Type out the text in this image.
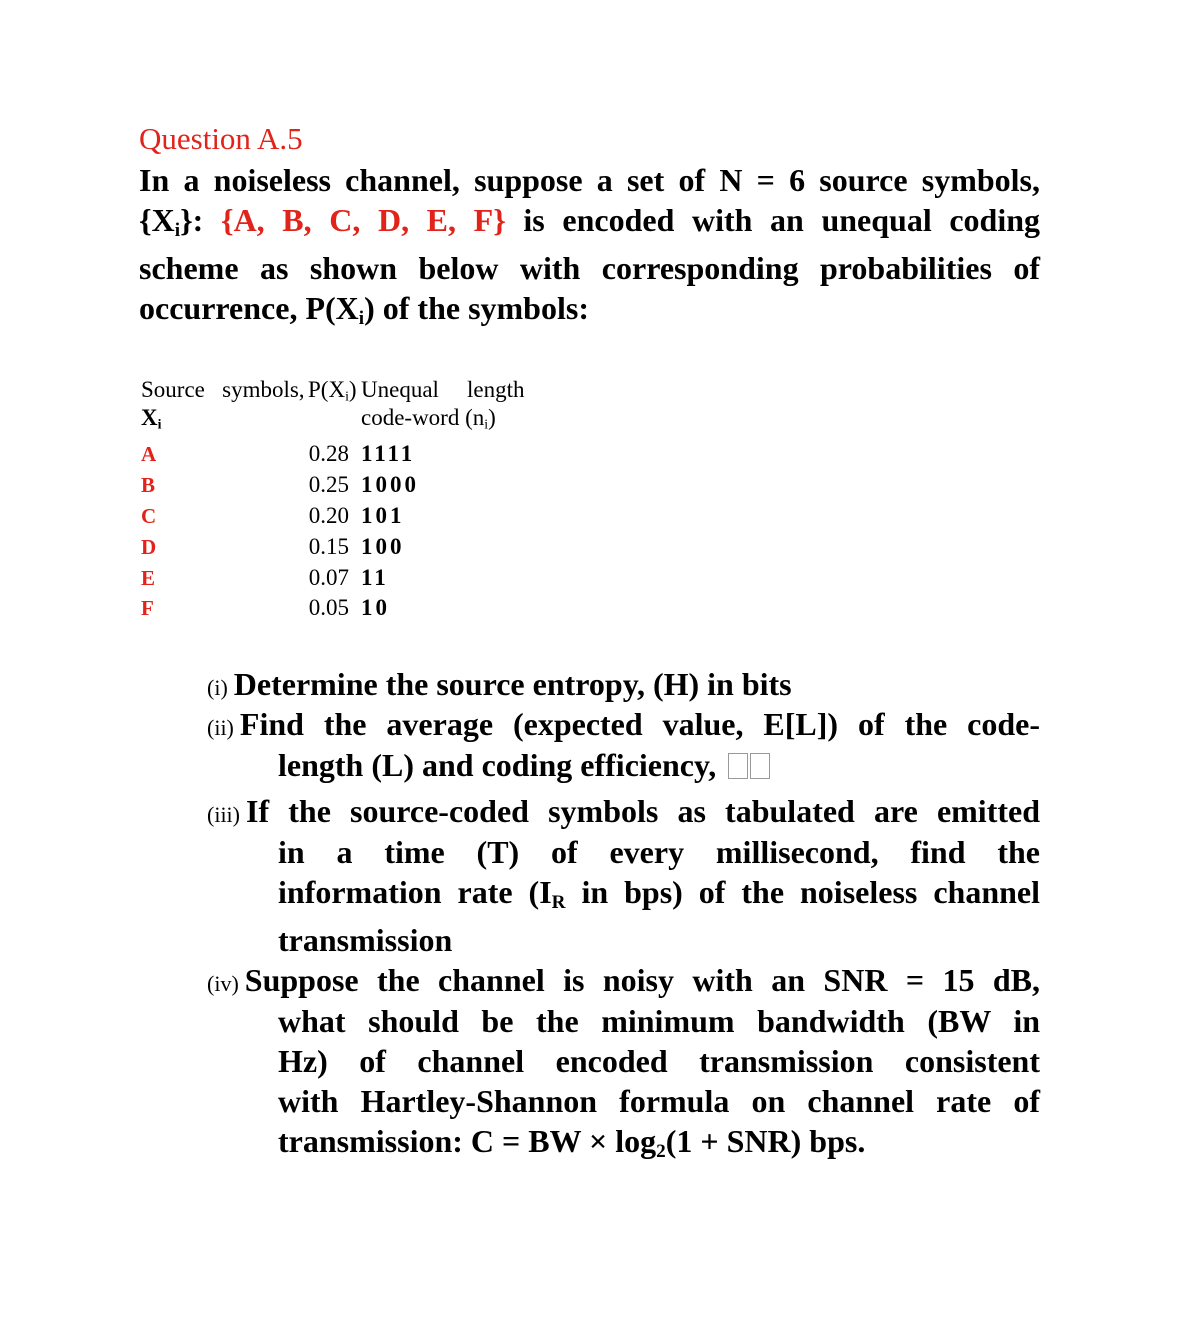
Question A.5
In a noiseless channel, suppose a set of N = 6 source symbols,
$\{X_i\}$: {A, B, C, D, E, F} is encoded with an unequal coding
scheme as shown below with corresponding probabilities of
occurrence, $P(X_i)$ of the symbols:
Source symbols,
$X_i$
$P(X_i)$ Unequal length
code-word $(n_i)$
A	0.28 1111
B	0.25 1000
C	0.20 101
D	0.15 100
E	0.07 11
F	0.05 10
(i) Determine the source entropy, (H) in bits
(ii) Find the average (expected value, E[L]) of the code-
length (L) and coding efficiency,
(iii) If the source-coded symbols as tabulated are emitted
in a time (T) of every millisecond, find the
information rate ($I_R$ in bps) of the noiseless channel
transmission
(iv) Suppose the channel is noisy with an SNR = 15 dB,
what should be the minimum bandwidth (BW in
Hz) of channel encoded transmission consistent
with Hartley-Shannon formula on channel rate of
transmission: C = BW × $\log_2(1 + SNR)$ bps.
